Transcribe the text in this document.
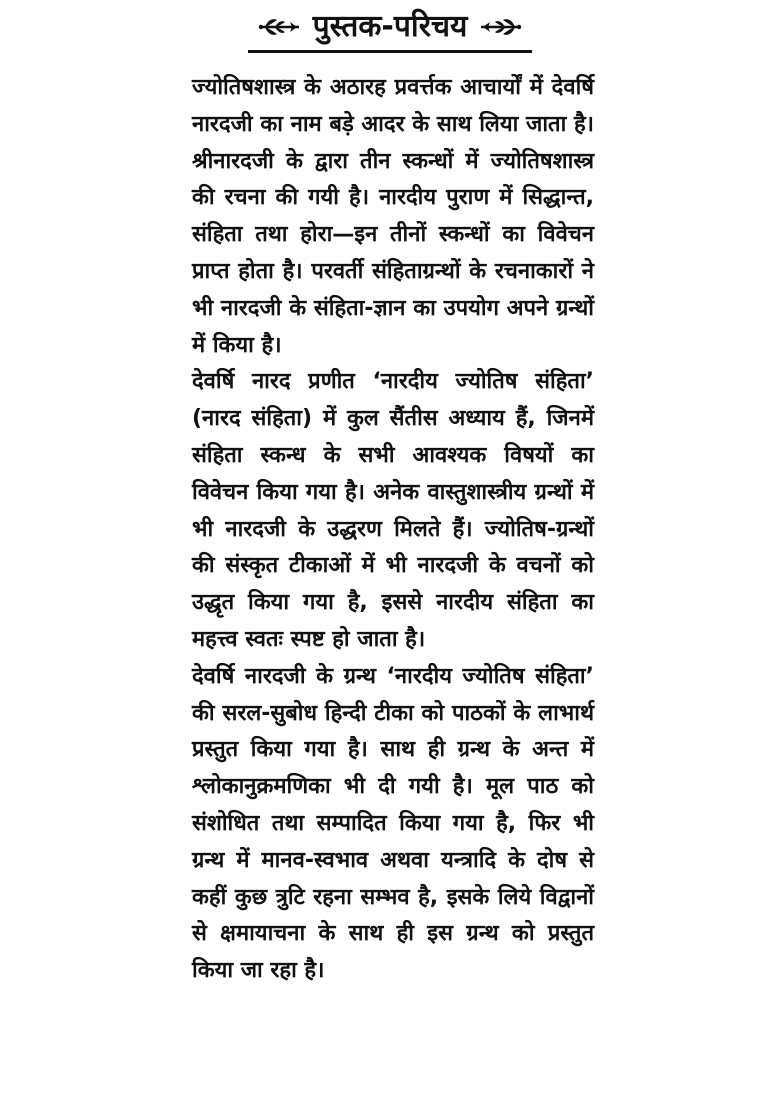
पुस्तक-परिचय

ज्योतिषशास्त्र के अठारह प्रवर्त्तक आचार्यों में देवर्षि नारदजी का नाम बड़े आदर के साथ लिया जाता है। श्रीनारदजी के द्वारा तीन स्कन्धों में ज्योतिषशास्त्र की रचना की गयी है। नारदीय पुराण में सिद्धान्त, संहिता तथा होरा—इन तीनों स्कन्धों का विवेचन प्राप्त होता है। परवर्ती संहिताग्रन्थों के रचनाकारों ने भी नारदजी के संहिता-ज्ञान का उपयोग अपने ग्रन्थों में किया है।

देवर्षि नारद प्रणीत ‘नारदीय ज्योतिष संहिता’ (नारद संहिता) में कुल सैंतीस अध्याय हैं, जिनमें संहिता स्कन्ध के सभी आवश्यक विषयों का विवेचन किया गया है। अनेक वास्तुशास्त्रीय ग्रन्थों में भी नारदजी के उद्धरण मिलते हैं। ज्योतिष-ग्रन्थों की संस्कृत टीकाओं में भी नारदजी के वचनों को उद्धृत किया गया है, इससे नारदीय संहिता का महत्त्व स्वतः स्पष्ट हो जाता है।

देवर्षि नारदजी के ग्रन्थ ‘नारदीय ज्योतिष संहिता’ की सरल-सुबोध हिन्दी टीका को पाठकों के लाभार्थ प्रस्तुत किया गया है। साथ ही ग्रन्थ के अन्त में श्लोकानुक्रमणिका भी दी गयी है। मूल पाठ को संशोधित तथा सम्पादित किया गया है, फिर भी ग्रन्थ में मानव-स्वभाव अथवा यन्त्रादि के दोष से कहीं कुछ त्रुटि रहना सम्भव है, इसके लिये विद्वानों से क्षमायाचना के साथ ही इस ग्रन्थ को प्रस्तुत किया जा रहा है।
